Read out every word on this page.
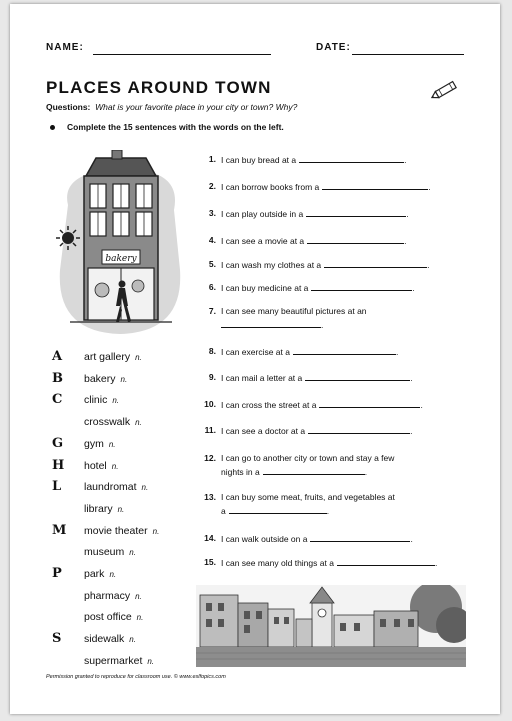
NAME:	DATE:
PLACES AROUND TOWN
Questions: What is your favorite place in your city or town? Why?
Complete the 15 sentences with the words on the left.
bakery
A	art gallery n.
B	bakery n.
C	clinic n.
crosswalk n.
G	gym n.
H	hotel n.
L	laundromat n.
library n.
M movie theater n.
museum n.
P	park n.
pharmacy n.
post office n.
S	sidewalk n.
supermarket n.
1. I can buy bread at a	.
2. I can borrow books from a	.
3. I can play outside in a	.
4. I can see a movie at a	.
5. I can wash my clothes at a	.
6. I can buy medicine at a	.
7. I can see many beautiful pictures at an
.
8. I can exercise at a	.
9. I can mail a letter at a	.
10. I can cross the street at a	.
11. I can see a doctor at a	.
12. I can go to another city or town and stay a few
nights in a	.
13. I can buy some meat, fruits, and vegetables at
a	.
14. I can walk outside on a	.
15. I can see many old things at a	.
Permission granted to reproduce for classroom use. © www.eslfopics.com
